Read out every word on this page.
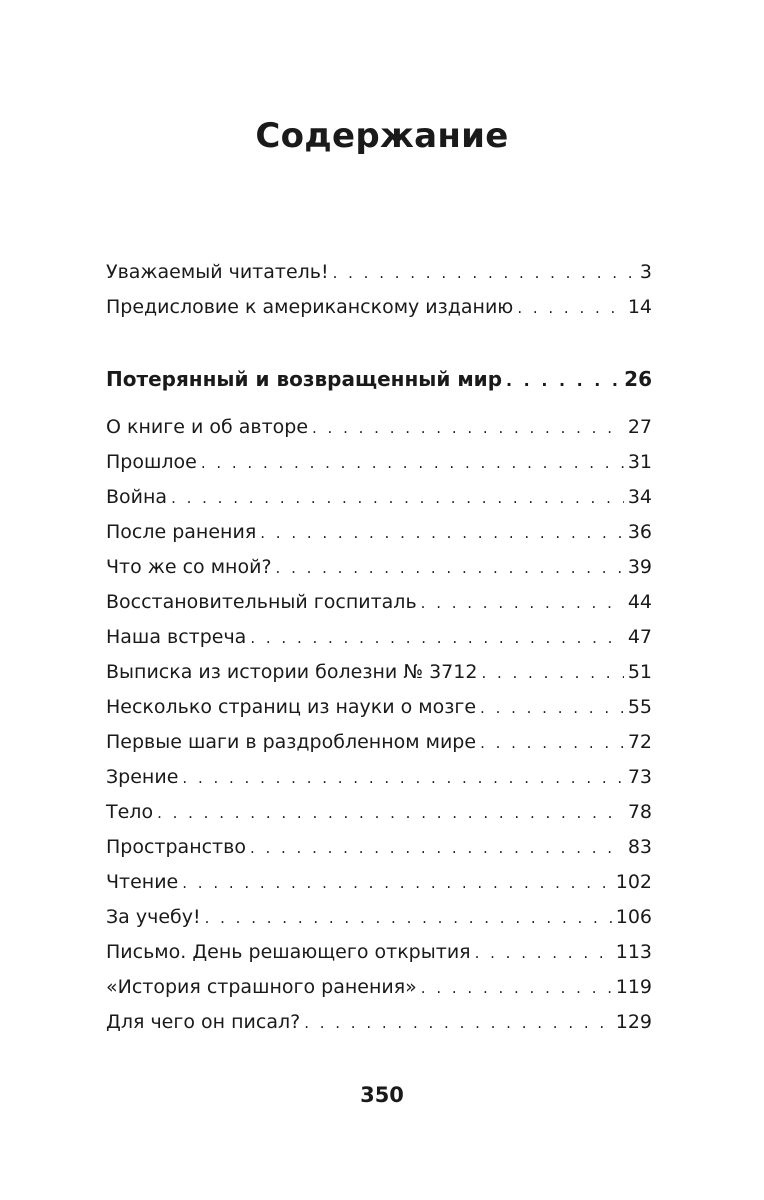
Содержание
Уважаемый читатель! . . .	3
Предисловие к американскому изданию . . .	14
Потерянный и возвращенный мир . . .	26
О книге и об авторе . . .	27
Прошлое . . .	31
Война . . .	34
После ранения . . .	36
Что же со мной? . . .	39
Восстановительный госпиталь . . .	44
Наша встреча . . .	47
Выписка из истории болезни № 3712 . . .	51
Несколько страниц из науки о мозге . . .	55
Первые шаги в раздробленном мире . . .	72
Зрение . . .	73
Тело . . .	78
Пространство . . .	83
Чтение . . .	102
За учебу! . . .	106
Письмо. День решающего открытия . . .	113
«История страшного ранения» . . .	119
Для чего он писал? . . .	129

350
